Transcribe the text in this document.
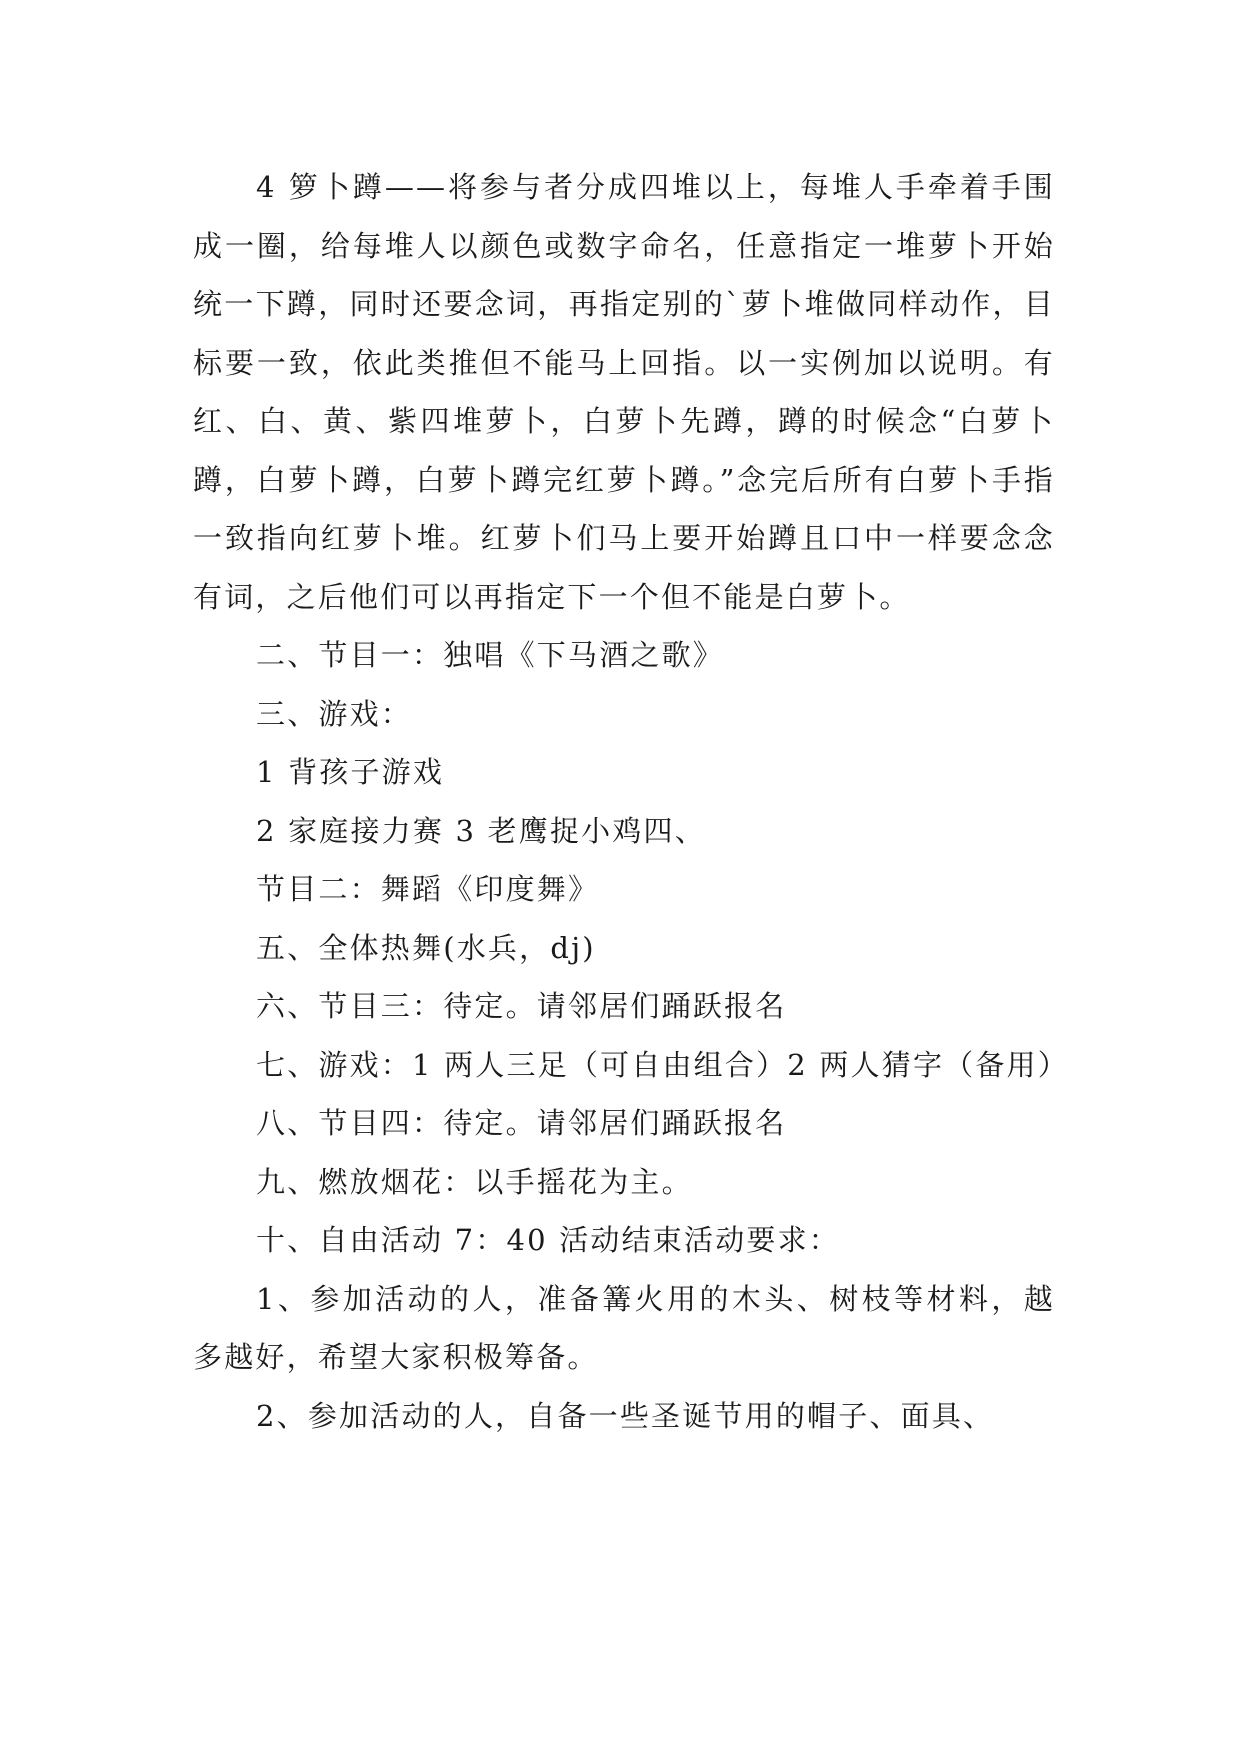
4 箩卜蹲——将参与者分成四堆以上，每堆人手牵着手围成一圈，给每堆人以颜色或数字命名，任意指定一堆萝卜开始统一下蹲，同时还要念词，再指定别的`萝卜堆做同样动作，目标要一致，依此类推但不能马上回指。以一实例加以说明。有红、白、黄、紫四堆萝卜，白萝卜先蹲，蹲的时候念“白萝卜蹲，白萝卜蹲，白萝卜蹲完红萝卜蹲。”念完后所有白萝卜手指一致指向红萝卜堆。红萝卜们马上要开始蹲且口中一样要念念有词，之后他们可以再指定下一个但不能是白萝卜。

二、节目一：独唱《下马酒之歌》

三、游戏：

1 背孩子游戏

2 家庭接力赛 3 老鹰捉小鸡四、

节目二：舞蹈《印度舞》

五、全体热舞(水兵，dj)

六、节目三：待定。请邻居们踊跃报名

七、游戏：1 两人三足（可自由组合）2 两人猜字（备用）

八、节目四：待定。请邻居们踊跃报名

九、燃放烟花：以手摇花为主。

十、自由活动 7：40 活动结束活动要求：

1、参加活动的人，准备篝火用的木头、树枝等材料，越多越好，希望大家积极筹备。

2、参加活动的人，自备一些圣诞节用的帽子、面具、
